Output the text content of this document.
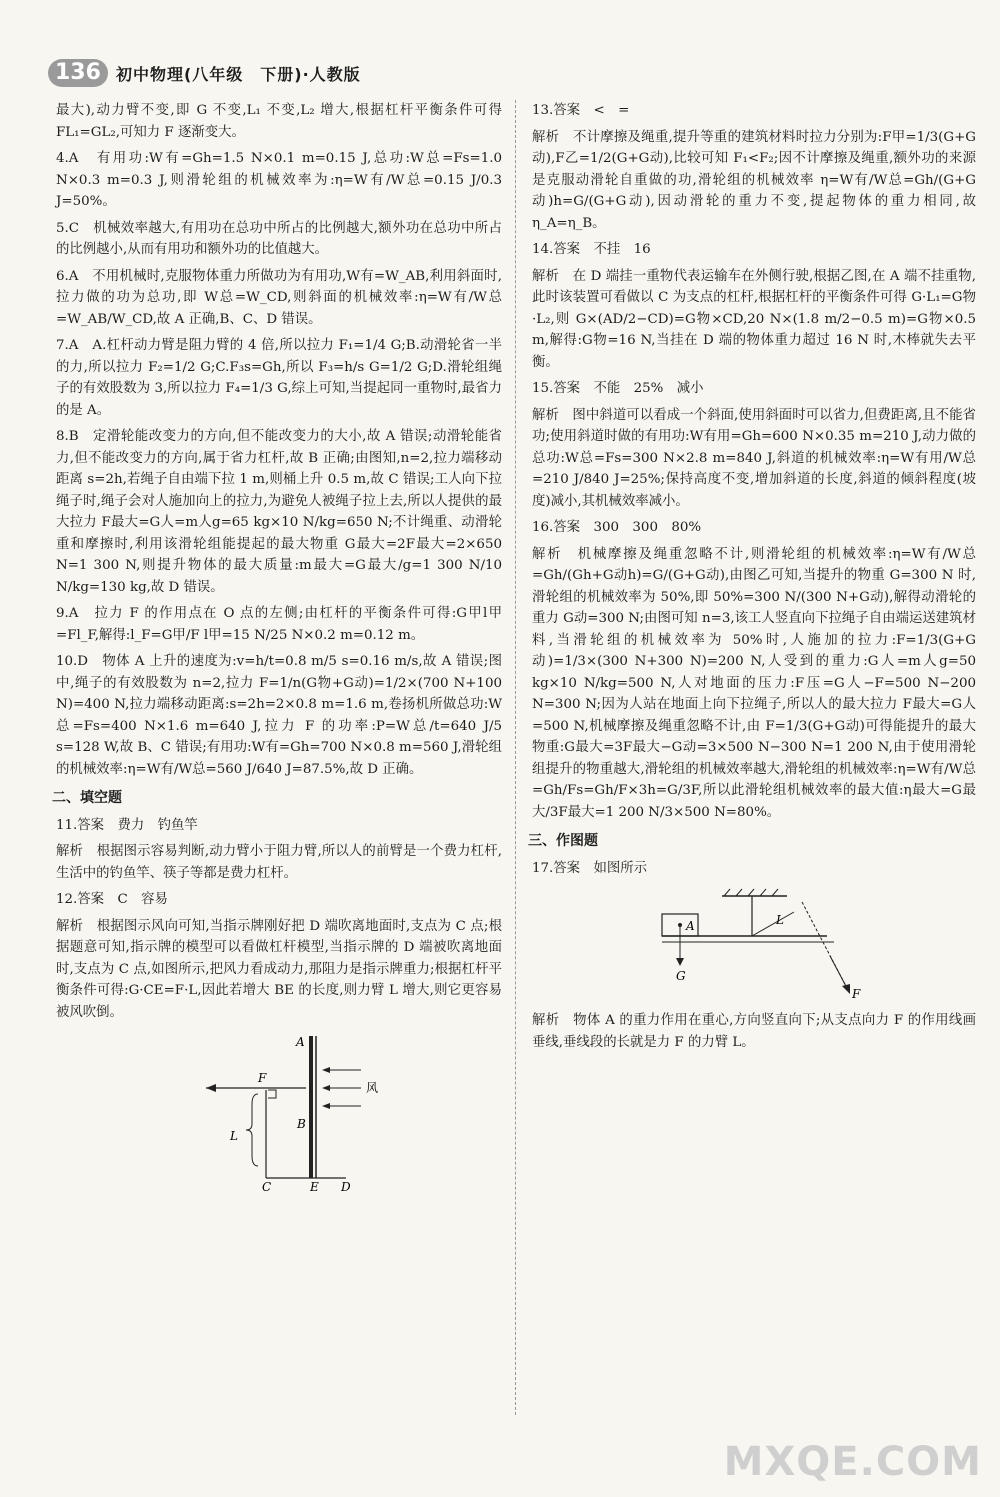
136 初中物理(八年级　下册)·人教版

最大),动力臂不变,即 G 不变,L₁ 不变,L₂ 增大,根据杠杆平衡条件可得 FL₁=GL₂,可知力 F 逐渐变大。

4.A　有用功:W有=Gh=1.5 N×0.1 m=0.15 J,总功:W总=Fs=1.0 N×0.3 m=0.3 J,则滑轮组的机械效率为:η=W有/W总=0.15 J/0.3 J=50%。

5.C　机械效率越大,有用功在总功中所占的比例越大,额外功在总功中所占的比例越小,从而有用功和额外功的比值越大。

6.A　不用机械时,克服物体重力所做功为有用功,W有=W_AB,利用斜面时,拉力做的功为总功,即 W总=W_CD,则斜面的机械效率:η=W有/W总=W_AB/W_CD,故 A 正确,B、C、D 错误。

7.A　A.杠杆动力臂是阻力臂的 4 倍,所以拉力 F₁=1/4 G;B.动滑轮省一半的力,所以拉力 F₂=1/2 G;C.F₃s=Gh,所以 F₃=h/s G=1/2 G;D.滑轮组绳子的有效股数为 3,所以拉力 F₄=1/3 G,综上可知,当提起同一重物时,最省力的是 A。

8.B　定滑轮能改变力的方向,但不能改变力的大小,故 A 错误;动滑轮能省力,但不能改变力的方向,属于省力杠杆,故 B 正确;由图知,n=2,拉力端移动距离 s=2h,若绳子自由端下拉 1 m,则桶上升 0.5 m,故 C 错误;工人向下拉绳子时,绳子会对人施加向上的拉力,为避免人被绳子拉上去,所以人提供的最大拉力 F最大=G人=m人g=65 kg×10 N/kg=650 N;不计绳重、动滑轮重和摩擦时,利用该滑轮组能提起的最大物重 G最大=2F最大=2×650 N=1 300 N,则提升物体的最大质量:m最大=G最大/g=1 300 N/10 N/kg=130 kg,故 D 错误。

9.A　拉力 F 的作用点在 O 点的左侧;由杠杆的平衡条件可得:G甲l甲=Fl_F,解得:l_F=G甲/F l甲=15 N/25 N×0.2 m=0.12 m。

10.D　物体 A 上升的速度为:v=h/t=0.8 m/5 s=0.16 m/s,故 A 错误;图中,绳子的有效股数为 n=2,拉力 F=1/n(G物+G动)=1/2×(700 N+100 N)=400 N,拉力端移动距离:s=2h=2×0.8 m=1.6 m,卷扬机所做总功:W总=Fs=400 N×1.6 m=640 J,拉力 F 的功率:P=W总/t=640 J/5 s=128 W,故 B、C 错误;有用功:W有=Gh=700 N×0.8 m=560 J,滑轮组的机械效率:η=W有/W总=560 J/640 J=87.5%,故 D 正确。

二、填空题

11.答案　费力　钓鱼竿

解析　根据图示容易判断,动力臂小于阻力臂,所以人的前臂是一个费力杠杆,生活中的钓鱼竿、筷子等都是费力杠杆。

12.答案　C　容易

解析　根据图示风向可知,当指示牌刚好把 D 端吹离地面时,支点为 C 点;根据题意可知,指示牌的模型可以看做杠杆模型,当指示牌的 D 端被吹离地面时,支点为 C 点,如图所示,把风力看成动力,那阻力是指示牌重力;根据杠杆平衡条件可得:G·CE=F·L,因此若增大 BE 的长度,则力臂 L 增大,则它更容易被风吹倒。

A
B
C	E D
F
L
风

13.答案　<　=

解析　不计摩擦及绳重,提升等重的建筑材料时拉力分别为:F甲=1/3(G+G动),F乙=1/2(G+G动),比较可知 F₁<F₂;因不计摩擦及绳重,额外功的来源是克服动滑轮自重做的功,滑轮组的机械效率 η=W有/W总=Gh/(G+G动)h=G/(G+G动),因动滑轮的重力不变,提起物体的重力相同,故 η_A=η_B。

14.答案　不挂　16

解析　在 D 端挂一重物代表运输车在外侧行驶,根据乙图,在 A 端不挂重物,此时该装置可看做以 C 为支点的杠杆,根据杠杆的平衡条件可得 G·L₁=G物·L₂,则 G×(AD/2−CD)=G物×CD,20 N×(1.8 m/2−0.5 m)=G物×0.5 m,解得:G物=16 N,当挂在 D 端的物体重力超过 16 N 时,木棒就失去平衡。

15.答案　不能　25%　减小

解析　图中斜道可以看成一个斜面,使用斜面时可以省力,但费距离,且不能省功;使用斜道时做的有用功:W有用=Gh=600 N×0.35 m=210 J,动力做的总功:W总=Fs=300 N×2.8 m=840 J,斜道的机械效率:η=W有用/W总=210 J/840 J=25%;保持高度不变,增加斜道的长度,斜道的倾斜程度(坡度)减小,其机械效率减小。

16.答案　300　300　80%

解析　机械摩擦及绳重忽略不计,则滑轮组的机械效率:η=W有/W总=Gh/(Gh+G动h)=G/(G+G动),由图乙可知,当提升的物重 G=300 N 时,滑轮组的机械效率为 50%,即 50%=300 N/(300 N+G动),解得动滑轮的重力 G动=300 N;由图可知 n=3,该工人竖直向下拉绳子自由端运送建筑材料,当滑轮组的机械效率为 50%时,人施加的拉力:F=1/3(G+G动)=1/3×(300 N+300 N)=200 N,人受到的重力:G人=m人g=50 kg×10 N/kg=500 N,人对地面的压力:F压=G人−F=500 N−200 N=300 N;因为人站在地面上向下拉绳子,所以人的最大拉力 F最大=G人=500 N,机械摩擦及绳重忽略不计,由 F=1/3(G+G动)可得能提升的最大物重:G最大=3F最大−G动=3×500 N−300 N=1 200 N,由于使用滑轮组提升的物重越大,滑轮组的机械效率越大,滑轮组的机械效率:η=W有/W总=Gh/Fs=Gh/F×3h=G/3F,所以此滑轮组机械效率的最大值:η最大=G最大/3F最大=1 200 N/3×500 N=80%。

三、作图题

17.答案　如图所示

A
G
L
F

解析　物体 A 的重力作用在重心,方向竖直向下;从支点向力 F 的作用线画垂线,垂线段的长就是力 F 的力臂 L。

MXQE.COM
